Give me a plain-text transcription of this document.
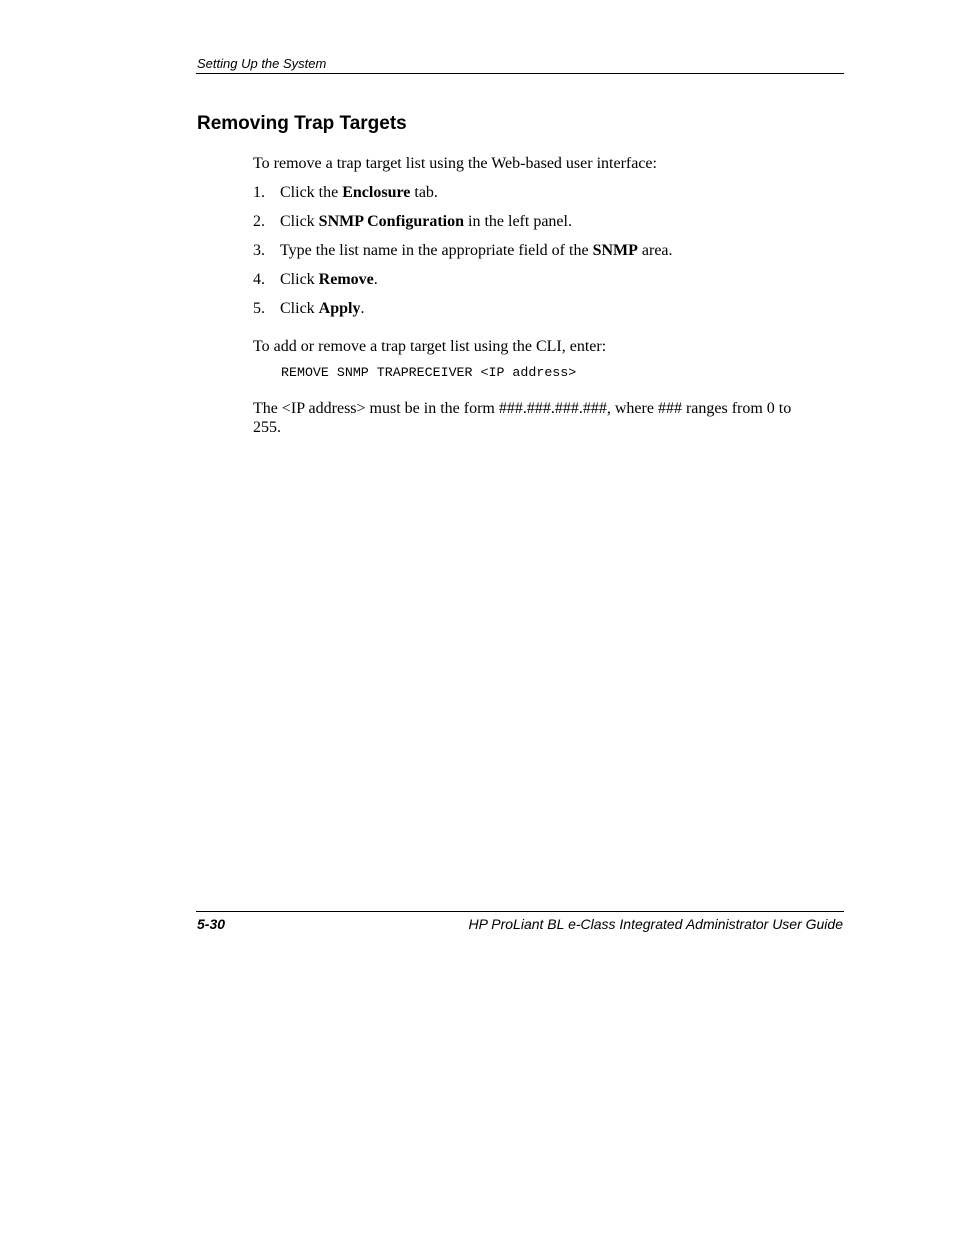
Setting Up the System
Removing Trap Targets

To remove a trap target list using the Web-based user interface:

1. Click the Enclosure tab.
2. Click SNMP Configuration in the left panel.
3. Type the list name in the appropriate field of the SNMP area.
4. Click Remove.
5. Click Apply.

To add or remove a trap target list using the CLI, enter:

REMOVE SNMP TRAPRECEIVER <IP address>

The <IP address> must be in the form ###.###.###.###, where ### ranges from 0 to 255.

5-30	HP ProLiant BL e-Class Integrated Administrator User Guide
